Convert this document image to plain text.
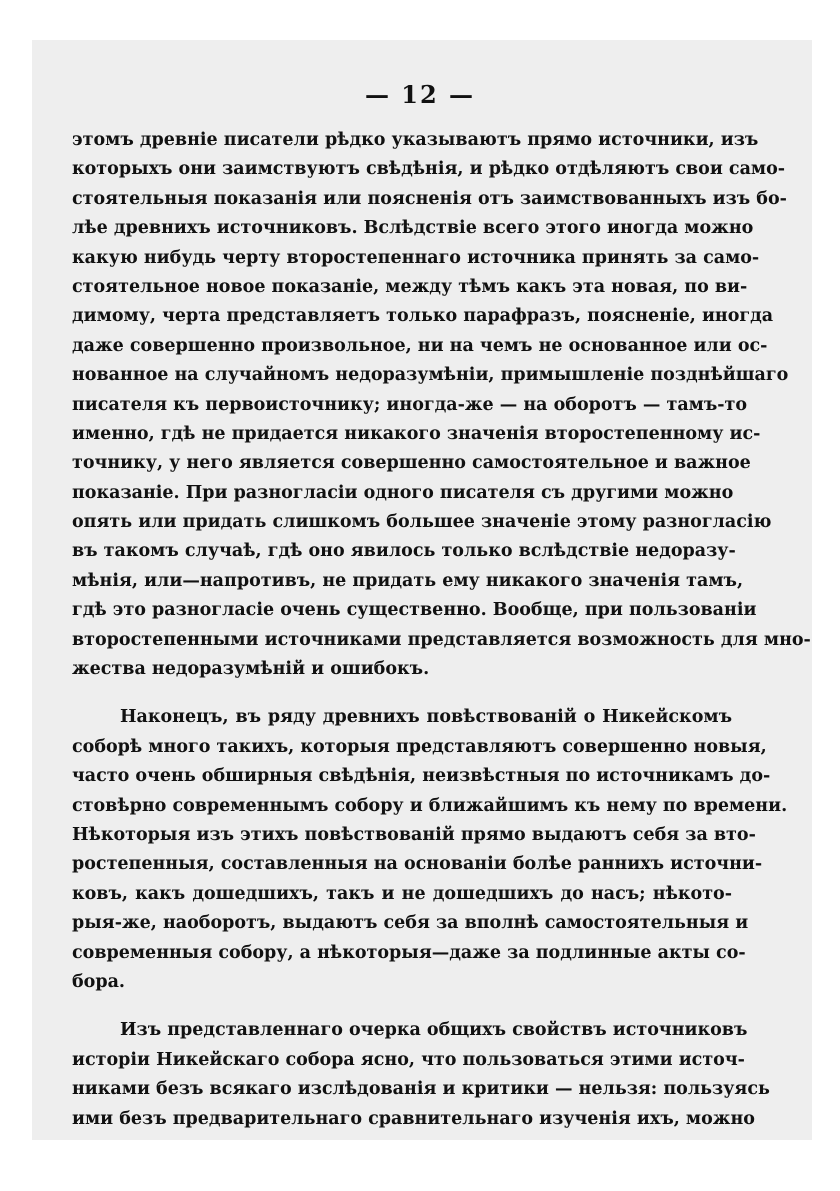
— 12 —
этомъ древніе писатели рѣдко указываютъ прямо источники, изъ
которыхъ они заимствуютъ свѣдѣнія, и рѣдко отдѣляютъ свои само-
стоятельныя показанія или поясненія отъ заимствованныхъ изъ бо-
лѣе древнихъ источниковъ. Вслѣдствіе всего этого иногда можно
какую нибудь черту второстепеннаго источника принять за само-
стоятельное новое показаніе, между тѣмъ какъ эта новая, по ви-
димому, черта представляетъ только парафразъ, поясненіе, иногда
даже совершенно произвольное, ни на чемъ не основанное или ос-
нованное на случайномъ недоразумѣніи, примышленіе позднѣйшаго
писателя къ первоисточнику; иногда-же — на оборотъ — тамъ-то
именно, гдѣ не придается никакого значенія второстепенному ис-
точнику, у него является совершенно самостоятельное и важное
показаніе. При разногласіи одного писателя съ другими можно
опять или придать слишкомъ большее значеніе этому разногласію
въ такомъ случаѣ, гдѣ оно явилось только вслѣдствіе недоразу-
мѣнія, или—напротивъ, не придать ему никакого значенія тамъ,
гдѣ это разногласіе очень существенно. Вообще, при пользованіи
второстепенными источниками представляется возможность для мно-
жества недоразумѣній и ошибокъ.
Наконецъ, въ ряду древнихъ повѣствованій о Никейскомъ
соборѣ много такихъ, которыя представляютъ совершенно новыя,
часто очень обширныя свѣдѣнія, неизвѣстныя по источникамъ до-
стовѣрно современнымъ собору и ближайшимъ къ нему по времени.
Нѣкоторыя изъ этихъ повѣствованій прямо выдаютъ себя за вто-
ростепенныя, составленныя на основаніи болѣе раннихъ источни-
ковъ, какъ дошедшихъ, такъ и не дошедшихъ до насъ; нѣкото-
рыя-же, наоборотъ, выдаютъ себя за вполнѣ самостоятельныя и
современныя собору, а нѣкоторыя—даже за подлинные акты со-
бора.
Изъ представленнаго очерка общихъ свойствъ источниковъ
исторіи Никейскаго собора ясно, что пользоваться этими источ-
никами безъ всякаго изслѣдованія и критики — нельзя: пользуясь
ими безъ предварительнаго сравнительнаго изученія ихъ, можно
